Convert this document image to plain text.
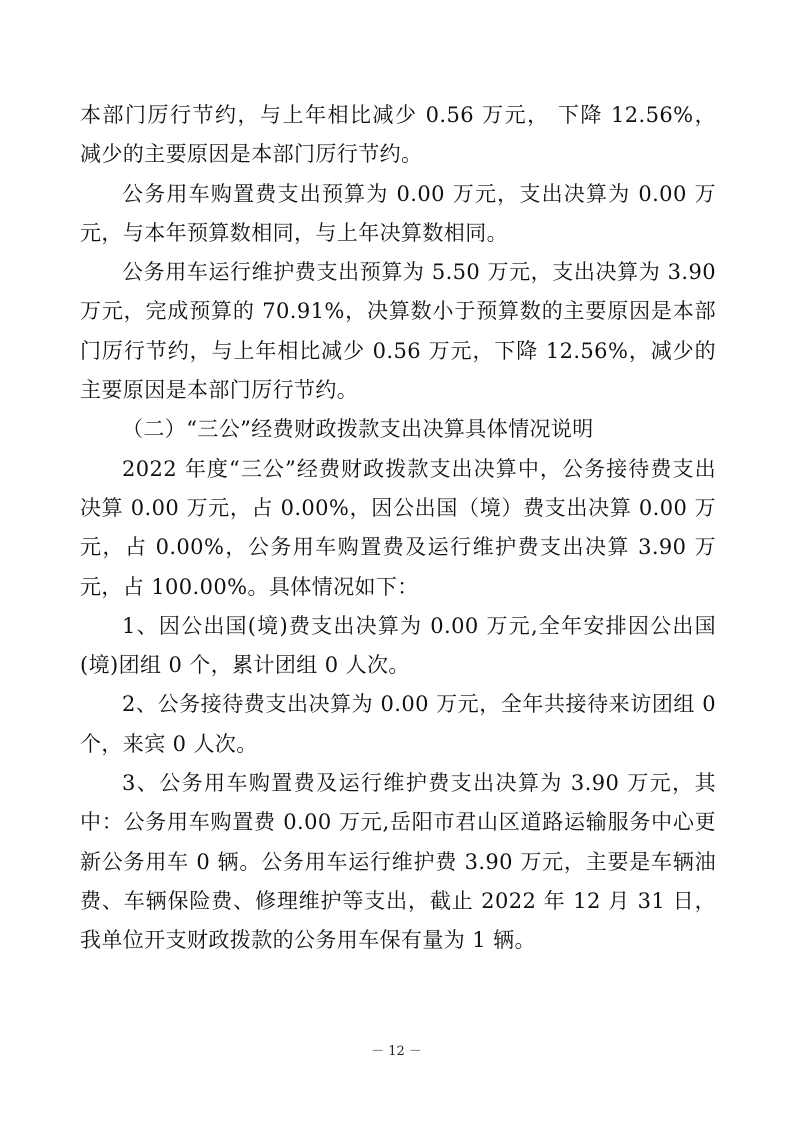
本部门厉行节约，与上年相比减少 0.56 万元， 下降 12.56%， 减少的主要原因是本部门厉行节约。

公务用车购置费支出预算为 0.00 万元，支出决算为 0.00 万元，与本年预算数相同，与上年决算数相同。

公务用车运行维护费支出预算为 5.50 万元，支出决算为 3.90 万元，完成预算的 70.91%，决算数小于预算数的主要原因是本部门厉行节约，与上年相比减少 0.56 万元，下降 12.56%，减少的主要原因是本部门厉行节约。

（二）“三公”经费财政拨款支出决算具体情况说明

2022 年度“三公”经费财政拨款支出决算中，公务接待费支出决算 0.00 万元，占 0.00%，因公出国（境）费支出决算 0.00 万元，占 0.00%，公务用车购置费及运行维护费支出决算 3.90 万元，占 100.00%。具体情况如下：

1、因公出国(境)费支出决算为 0.00 万元,全年安排因公出国(境)团组 0 个，累计团组 0 人次。

2、公务接待费支出决算为 0.00 万元，全年共接待来访团组 0 个，来宾 0 人次。

3、公务用车购置费及运行维护费支出决算为 3.90 万元，其中：公务用车购置费 0.00 万元,岳阳市君山区道路运输服务中心更新公务用车 0 辆。公务用车运行维护费 3.90 万元，主要是车辆油费、车辆保险费、修理维护等支出，截止 2022 年 12 月 31 日，我单位开支财政拨款的公务用车保有量为 1 辆。

－ 12 －
